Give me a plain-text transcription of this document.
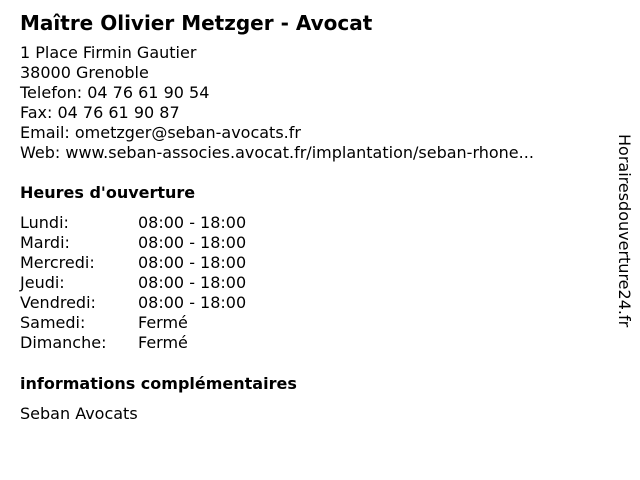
Maître Olivier Metzger - Avocat
1 Place Firmin Gautier
38000 Grenoble
Telefon: 04 76 61 90 54
Fax: 04 76 61 90 87
Email: ometzger@seban-avocats.fr
Web: www.seban-associes.avocat.fr/implantation/seban-rhone...
Heures d'ouverture
Lundi:	08:00 - 18:00
Mardi:	08:00 - 18:00
Mercredi:	08:00 - 18:00
Jeudi:	08:00 - 18:00
Vendredi:	08:00 - 18:00
Samedi:	Fermé
Dimanche: Fermé
informations complémentaires
Seban Avocats
Horairesdouverture24.fr
